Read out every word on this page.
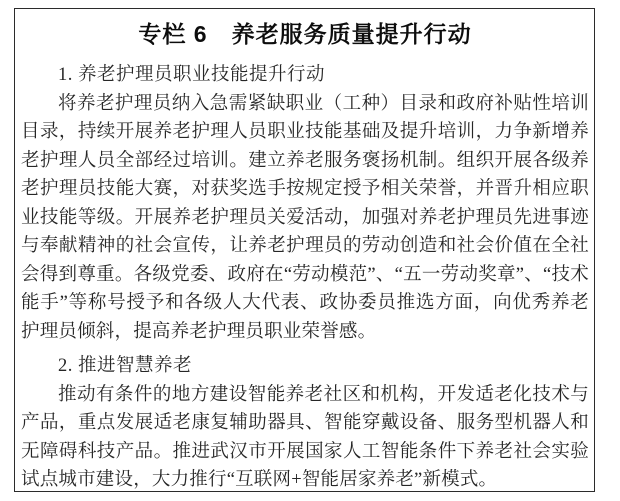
专栏 6　养老服务质量提升行动
1. 养老护理员职业技能提升行动

将养老护理员纳入急需紧缺职业（工种）目录和政府补贴性培训目录，持续开展养老护理人员职业技能基础及提升培训，力争新增养老护理人员全部经过培训。建立养老服务褒扬机制。组织开展各级养老护理员技能大赛，对获奖选手按规定授予相关荣誉，并晋升相应职业技能等级。开展养老护理员关爱活动，加强对养老护理员先进事迹与奉献精神的社会宣传，让养老护理员的劳动创造和社会价值在全社会得到尊重。各级党委、政府在“劳动模范”、“五一劳动奖章”、“技术能手”等称号授予和各级人大代表、政协委员推选方面，向优秀养老护理员倾斜，提高养老护理员职业荣誉感。

2. 推进智慧养老

推动有条件的地方建设智能养老社区和机构，开发适老化技术与产品，重点发展适老康复辅助器具、智能穿戴设备、服务型机器人和无障碍科技产品。推进武汉市开展国家人工智能条件下养老社会实验试点城市建设，大力推行“互联网+智能居家养老”新模式。
